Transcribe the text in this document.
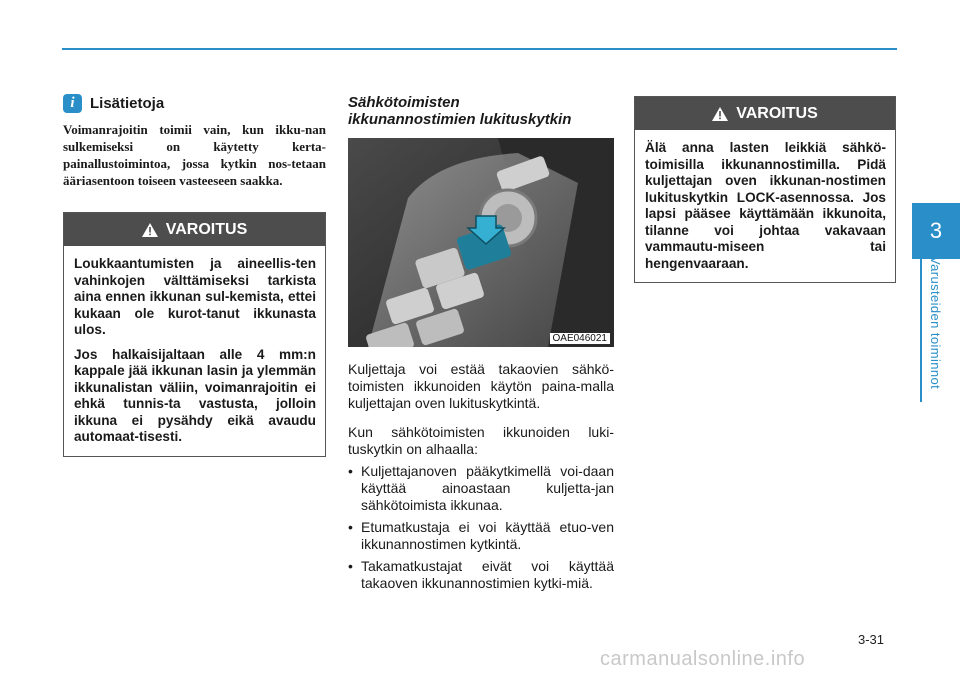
3
Varusteiden toiminnot
i	Lisätietoja

Voimanrajoitin toimii vain, kun ikku-nan sulkemiseksi on käytetty kerta-painallustoimintoa, jossa kytkin nos-tetaan ääriasentoon toiseen vasteeseen saakka.

VAROITUS

Loukkaantumisten ja aineellis-ten vahinkojen välttämiseksi tarkista aina ennen ikkunan sul-kemista, ettei kukaan ole kurot-tanut ikkunasta ulos.

Jos halkaisijaltaan alle 4 mm:n kappale jää ikkunan lasin ja ylemmän ikkunalistan väliin, voimanrajoitin ei ehkä tunnis-ta vastusta, jolloin ikkuna ei pysähdy eikä avaudu automaat-tisesti.

Sähkötoimisten
ikkunannostimien lukituskytkin
OAE046021

Kuljettaja voi estää takaovien sähkö-toimisten ikkunoiden käytön paina-malla kuljettajan oven lukituskytkintä.

Kun sähkötoimisten ikkunoiden luki-tuskytkin on alhaalla:

• Kuljettajanoven pääkytkimellä voi-daan käyttää ainoastaan kuljetta-jan sähkötoimista ikkunaa.
• Etumatkustaja ei voi käyttää etuo-ven ikkunannostimen kytkintä.
• Takamatkustajat eivät voi käyttää takaoven ikkunannostimien kytki-miä.
VAROITUS

Älä anna lasten leikkiä sähkö-toimisilla ikkunannostimilla. Pidä kuljettajan oven ikkunan-nostimen lukituskytkin LOCK-asennossa. Jos lapsi pääsee käyttämään ikkunoita, tilanne voi johtaa vakavaan vammautu-miseen tai hengenvaaraan.

3-31
carmanualsonline.info
